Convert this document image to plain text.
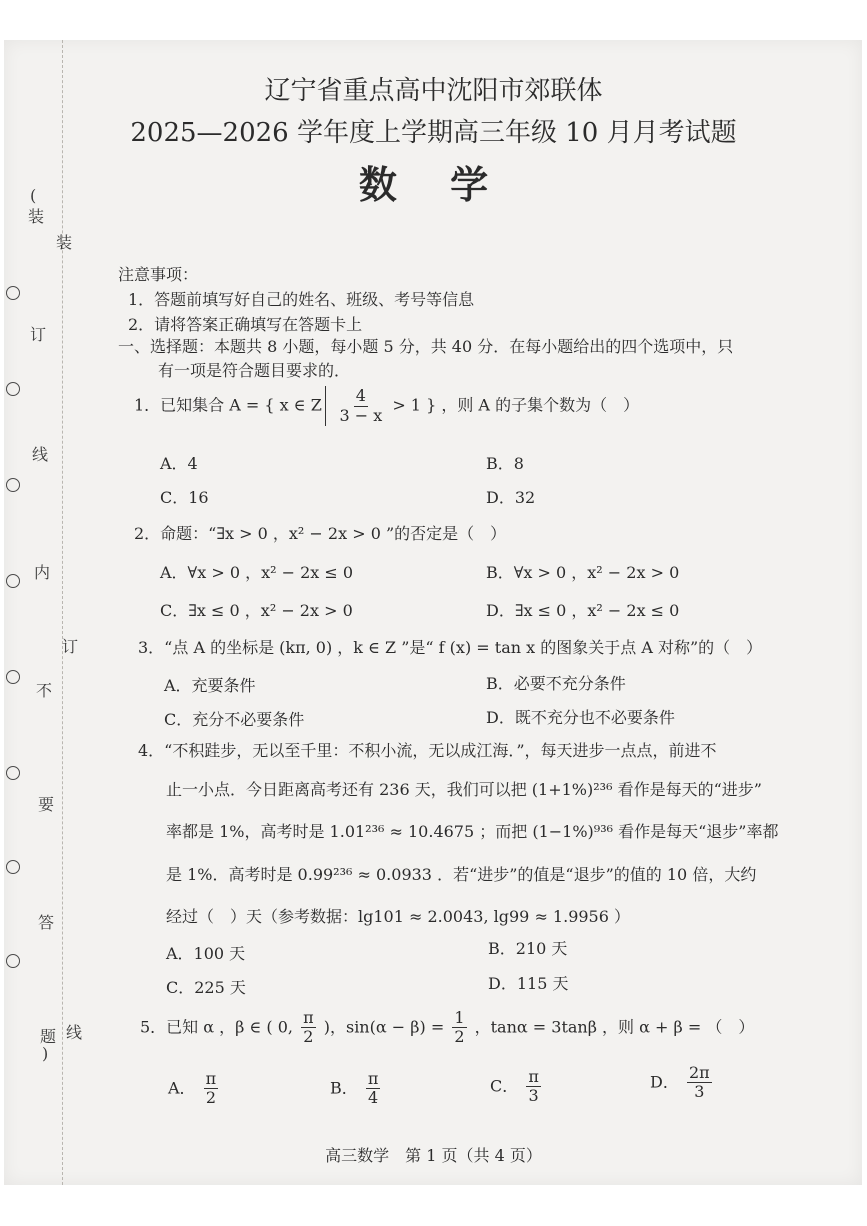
(
装
装
订
线
内
订
不
要
答
题 线
)
辽宁省重点高中沈阳市郊联体
2025—2026 学年度上学期高三年级 10 月月考试题
数 学
注意事项：
1．答题前填写好自己的姓名、班级、考号等信息
2．请将答案正确填写在答题卡上
一、选择题：本题共 8 小题，每小题 5 分，共 40 分．在每小题给出的四个选项中，只
有一项是符合题目要求的．
1．已知集合 A = { x ∈ Z $\frac{4}{3 - x} > 1$ } ，则 A 的子集个数为（　）
A．4	B．8
C．16	D．32
2．命题：“∃x > 0 ，x² − 2x > 0 ”的否定是（　）
A．∀x > 0 ，x² − 2x ≤ 0	B．∀x > 0 ，x² − 2x > 0
C．∃x ≤ 0 ，x² − 2x > 0	D．∃x ≤ 0 ，x² − 2x ≤ 0
3．“点 A 的坐标是 (kπ, 0) ，k ∈ Z ”是“ f (x) = tan x 的图象关于点 A 对称”的（　）
A．充要条件	B．必要不充分条件
C．充分不必要条件	D．既不充分也不必要条件
4．“不积跬步，无以至千里：不积小流，无以成江海．”，每天进步一点点，前进不
止一小点．今日距离高考还有 236 天，我们可以把 (1+1%)²³⁶ 看作是每天的“进步”
率都是 1%，高考时是 1.01²³⁶ ≈ 10.4675 ；而把 (1−1%)⁹³⁶ 看作是每天“退步”率都
是 1%．高考时是 0.99²³⁶ ≈ 0.0933 ．若“进步”的值是“退步”的值的 10 倍，大约
经过（　）天（参考数据：lg101 ≈ 2.0043, lg99 ≈ 1.9956 ）
A．100 天	B．210 天
C．225 天	D．115 天
5．已知 α ，β ∈ ( 0, $\frac{\pi}{2}$ )，$\sin(\alpha - \beta) = \frac{1}{2}$ ，tanα = 3tanβ ，则 α + β = （　）
A． $\frac{\pi}{2}$	B． $\frac{\pi}{4}$	C． $\frac{\pi}{3}$	D． $\frac{2\pi}{3}$
高三数学　第 1 页（共 4 页）
